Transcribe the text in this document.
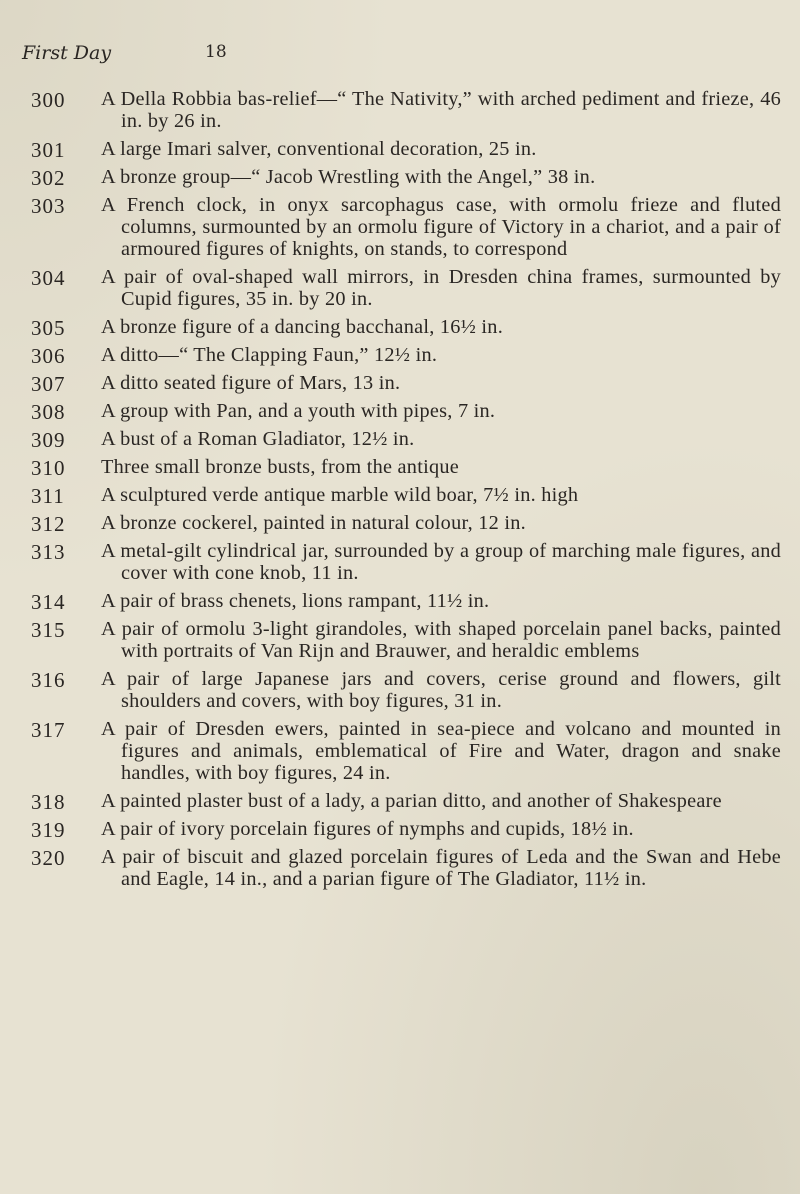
First Day	18
300	A Della Robbia bas-relief—“ The Nativity,” with arched pediment and frieze, 46 in. by 26 in.
301	A large Imari salver, conventional decoration, 25 in.
302	A bronze group—“ Jacob Wrestling with the Angel,” 38 in.
303	A French clock, in onyx sarcophagus case, with ormolu frieze and fluted columns, surmounted by an ormolu figure of Victory in a chariot, and a pair of armoured figures of knights, on stands, to correspond
304	A pair of oval-shaped wall mirrors, in Dresden china frames, surmounted by Cupid figures, 35 in. by 20 in.
305	A bronze figure of a dancing bacchanal, 16½ in.
306	A ditto—“ The Clapping Faun,” 12½ in.
307	A ditto seated figure of Mars, 13 in.
308	A group with Pan, and a youth with pipes, 7 in.
309	A bust of a Roman Gladiator, 12½ in.
310	Three small bronze busts, from the antique
311	A sculptured verde antique marble wild boar, 7½ in. high
312	A bronze cockerel, painted in natural colour, 12 in.
313	A metal-gilt cylindrical jar, surrounded by a group of marching male figures, and cover with cone knob, 11 in.
314	A pair of brass chenets, lions rampant, 11½ in.
315	A pair of ormolu 3-light girandoles, with shaped porcelain panel backs, painted with portraits of Van Rijn and Brauwer, and heraldic emblems
316	A pair of large Japanese jars and covers, cerise ground and flowers, gilt shoulders and covers, with boy figures, 31 in.
317	A pair of Dresden ewers, painted in sea-piece and volcano and mounted in figures and animals, emblematical of Fire and Water, dragon and snake handles, with boy figures, 24 in.
318	A painted plaster bust of a lady, a parian ditto, and another of Shakespeare
319	A pair of ivory porcelain figures of nymphs and cupids, 18½ in.
320	A pair of biscuit and glazed porcelain figures of Leda and the Swan and Hebe and Eagle, 14 in., and a parian figure of The Gladiator, 11½ in.
